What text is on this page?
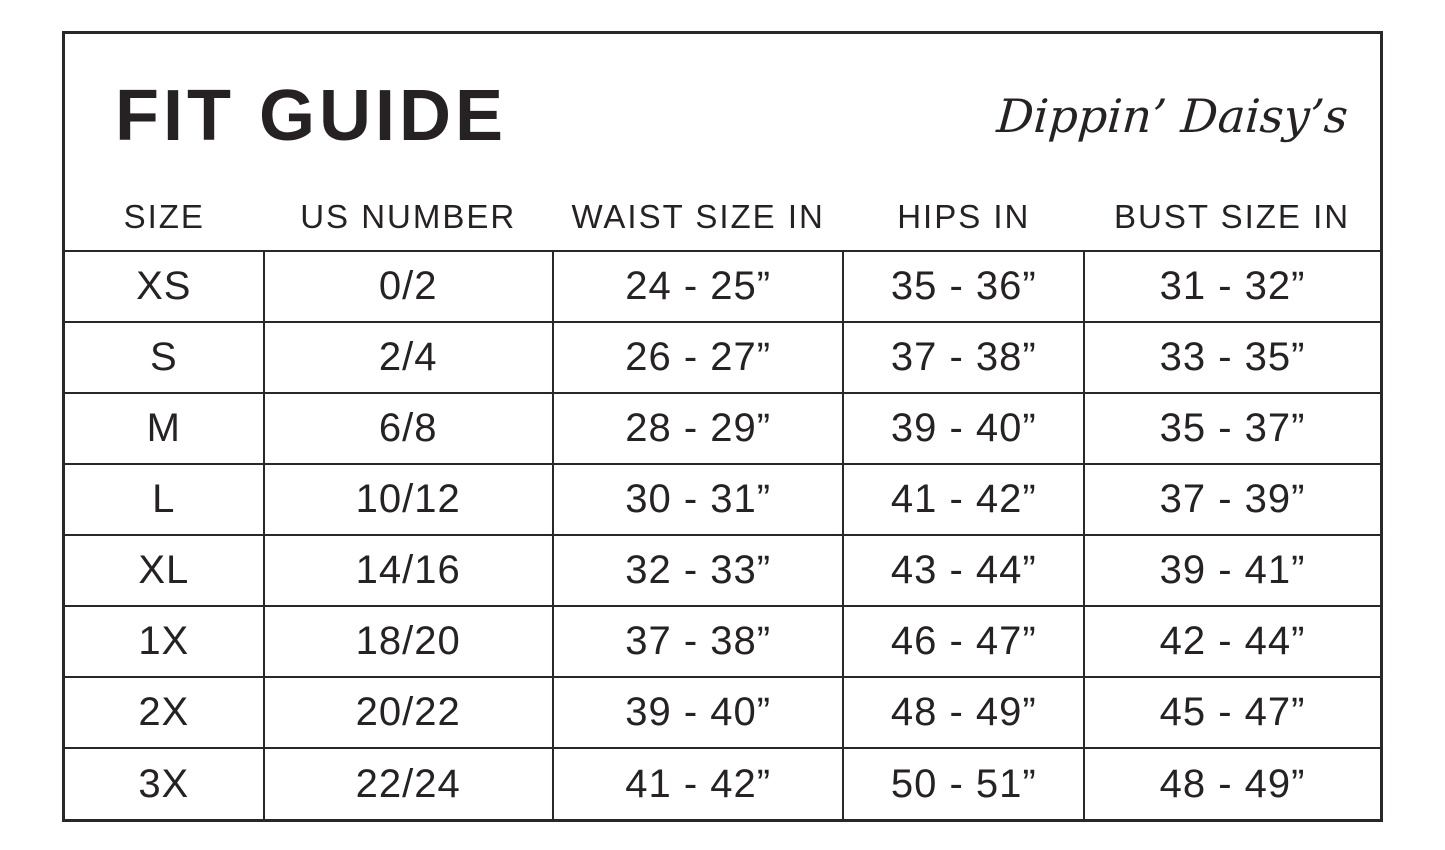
FIT GUIDE	Dippin’ Daisy’s
SIZE	US NUMBER	WAIST SIZE IN	HIPS IN	BUST SIZE IN
XS	0/2	24 - 25”	35 - 36”	31 - 32”
S	2/4	26 - 27”	37 - 38”	33 - 35”
M	6/8	28 - 29”	39 - 40”	35 - 37”
L	10/12	30 - 31”	41 - 42”	37 - 39”
XL	14/16	32 - 33”	43 - 44”	39 - 41”
1X	18/20	37 - 38”	46 - 47”	42 - 44”
2X	20/22	39 - 40”	48 - 49”	45 - 47”
3X	22/24	41 - 42”	50 - 51”	48 - 49”
